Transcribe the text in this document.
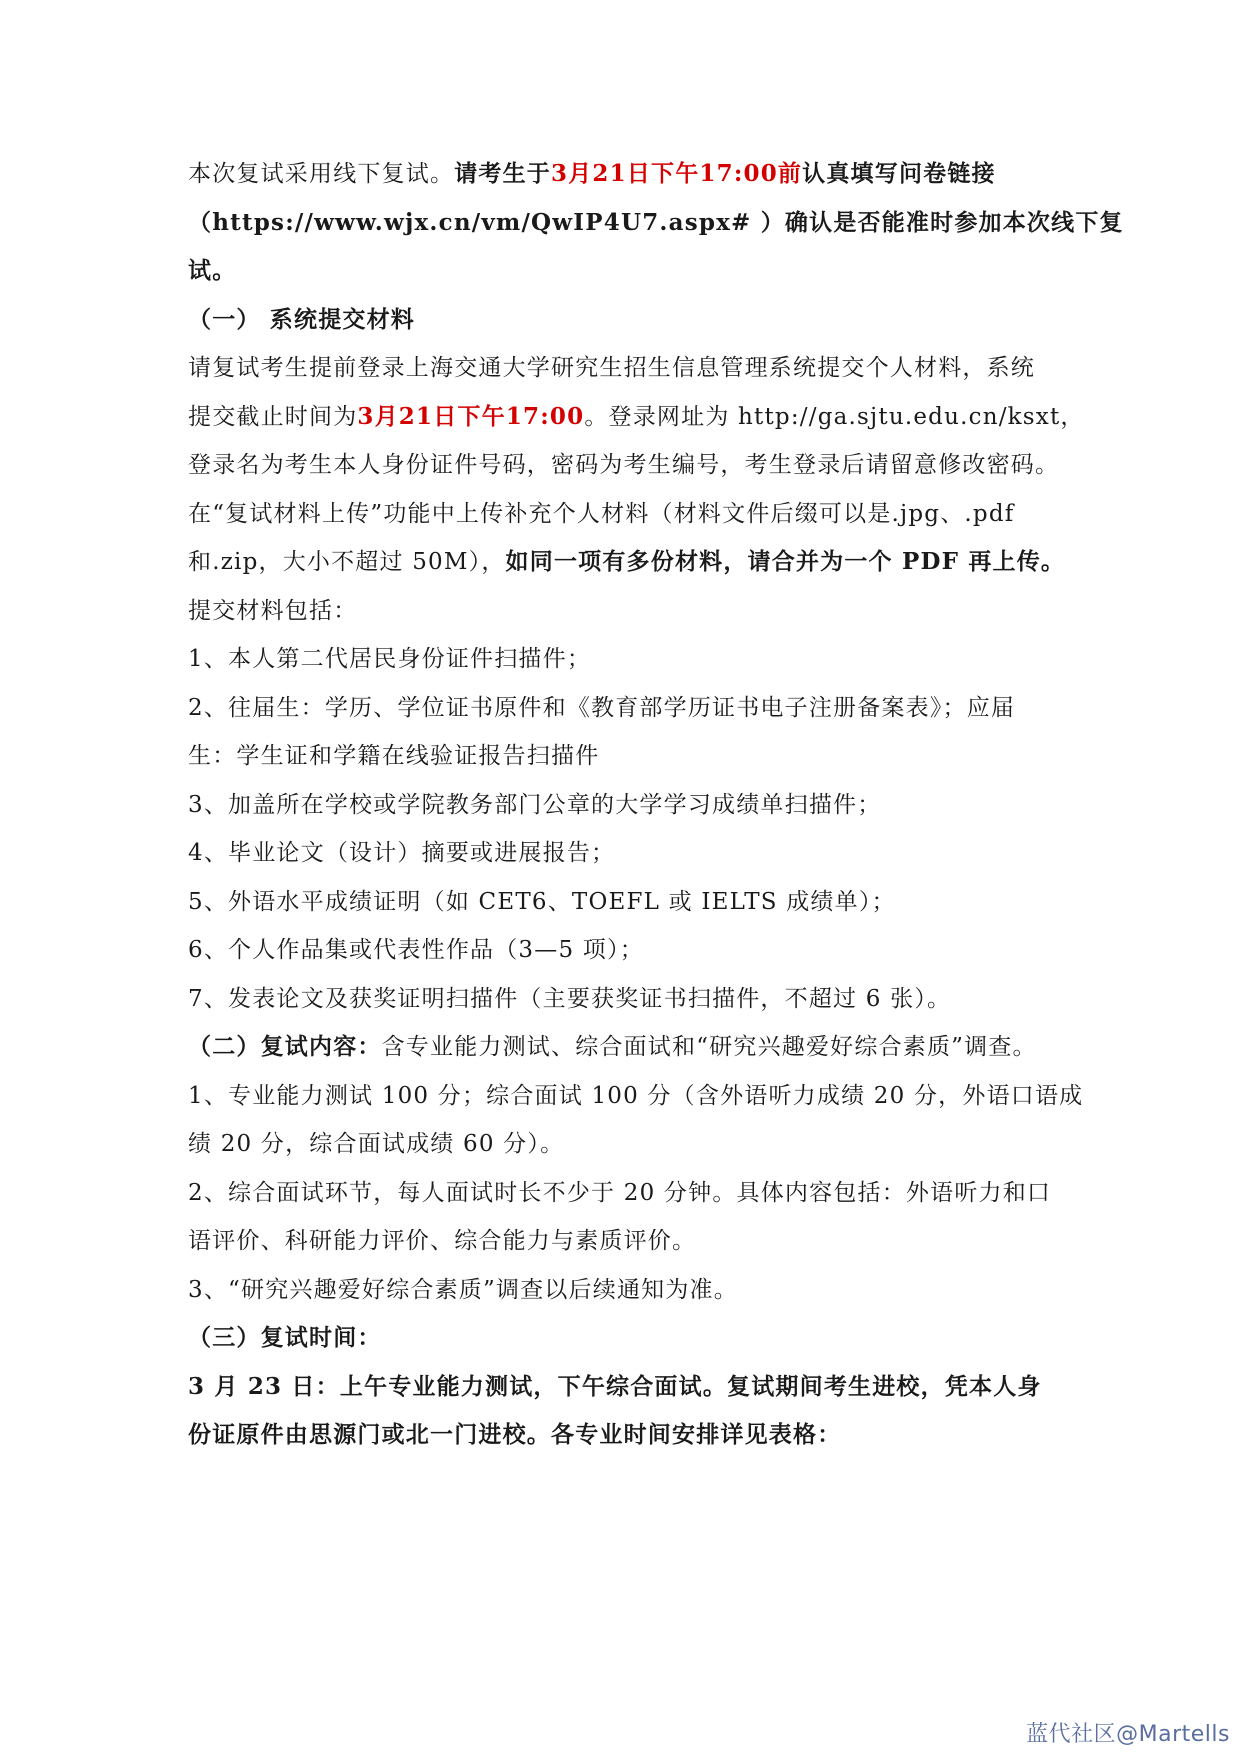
本次复试采用线下复试。请考生于3月21日下午17:00前认真填写问卷链接
（https://www.wjx.cn/vm/QwIP4U7.aspx# ）确认是否能准时参加本次线下复
试。
（一） 系统提交材料
请复试考生提前登录上海交通大学研究生招生信息管理系统提交个人材料，系统
提交截止时间为3月21日下午17:00。登录网址为 http://ga.sjtu.edu.cn/ksxt，
登录名为考生本人身份证件号码，密码为考生编号，考生登录后请留意修改密码。
在“复试材料上传”功能中上传补充个人材料（材料文件后缀可以是.jpg、.pdf
和.zip，大小不超过 50M），如同一项有多份材料，请合并为一个 PDF 再上传。
提交材料包括：
1、本人第二代居民身份证件扫描件；
2、往届生：学历、学位证书原件和《教育部学历证书电子注册备案表》；应届
生：学生证和学籍在线验证报告扫描件
3、加盖所在学校或学院教务部门公章的大学学习成绩单扫描件；
4、毕业论文（设计）摘要或进展报告；
5、外语水平成绩证明（如 CET6、TOEFL 或 IELTS 成绩单）；
6、个人作品集或代表性作品（3—5 项）；
7、发表论文及获奖证明扫描件（主要获奖证书扫描件，不超过 6 张）。
（二）复试内容：含专业能力测试、综合面试和“研究兴趣爱好综合素质”调查。
1、专业能力测试 100 分；综合面试 100 分（含外语听力成绩 20 分，外语口语成
绩 20 分，综合面试成绩 60 分）。
2、综合面试环节，每人面试时长不少于 20 分钟。具体内容包括：外语听力和口
语评价、科研能力评价、综合能力与素质评价。
3、“研究兴趣爱好综合素质”调查以后续通知为准。
（三）复试时间：
3 月 23 日：上午专业能力测试，下午综合面试。复试期间考生进校，凭本人身
份证原件由思源门或北一门进校。各专业时间安排详见表格：
蓝代社区@Martells
